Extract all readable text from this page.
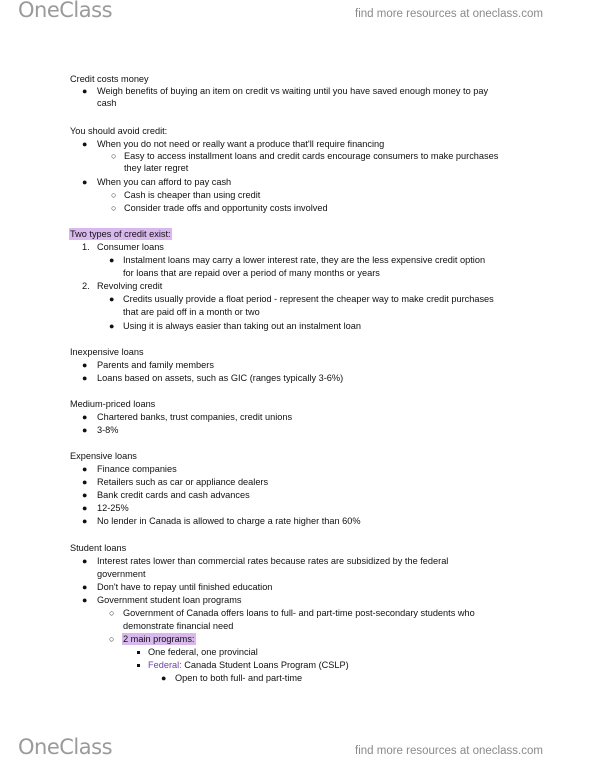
OneClass	find more resources at oneclass.com
Credit costs money
● Weigh benefits of buying an item on credit vs waiting until you have saved enough money to pay
cash
You should avoid credit:
● When you do not need or really want a produce that'll require financing
○ Easy to access installment loans and credit cards encourage consumers to make purchases
they later regret
● When you can afford to pay cash
○ Cash is cheaper than using credit
○ Consider trade offs and opportunity costs involved
Two types of credit exist:
1. Consumer loans
● Instalment loans may carry a lower interest rate, they are the less expensive credit option
for loans that are repaid over a period of many months or years
2. Revolving credit
● Credits usually provide a float period - represent the cheaper way to make credit purchases
that are paid off in a month or two
● Using it is always easier than taking out an instalment loan
Inexpensive loans
● Parents and family members
● Loans based on assets, such as GIC (ranges typically 3-6%)
Medium-priced loans
● Chartered banks, trust companies, credit unions
● 3-8%
Expensive loans
● Finance companies
● Retailers such as car or appliance dealers
● Bank credit cards and cash advances
● 12-25%
● No lender in Canada is allowed to charge a rate higher than 60%
Student loans
● Interest rates lower than commercial rates because rates are subsidized by the federal
government
● Don't have to repay until finished education
● Government student loan programs
○ Government of Canada offers loans to full- and part-time post-secondary students who
demonstrate financial need
○ 2 main programs:
One federal, one provincial
Federal: Canada Student Loans Program (CSLP)
● Open to both full- and part-time
OneClass	find more resources at oneclass.com
